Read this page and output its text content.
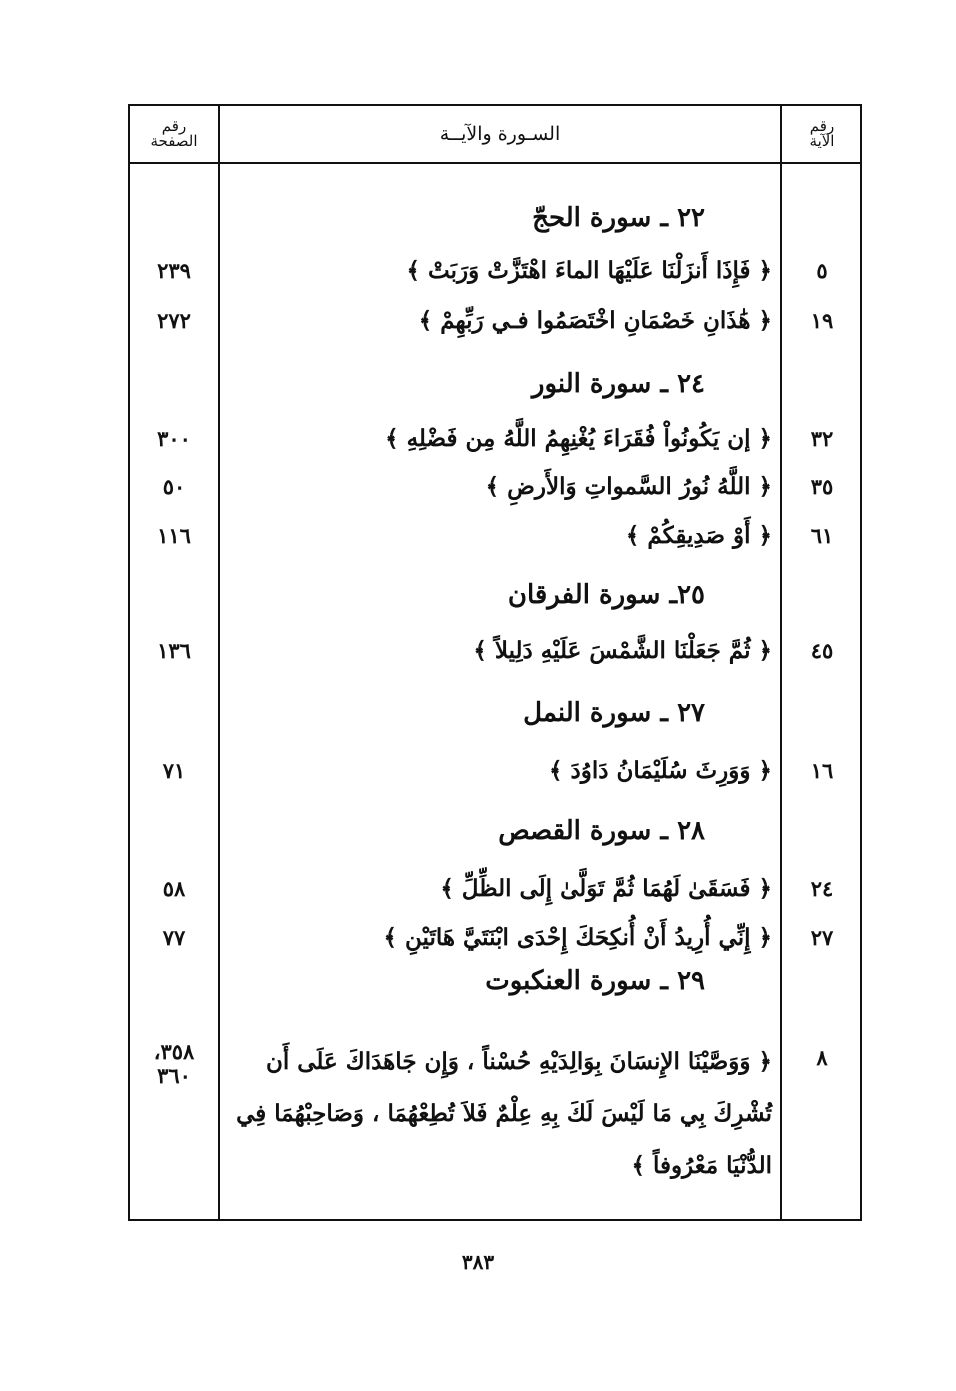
رقم
الآية
السـورة والآيــة
رقم
الصفحة
٢٢ ـ سورة الحجّ
٥
﴿ فَإِذَا أَنزَلْنَا عَلَيْهَا الماءَ اهْتَزَّتْ وَرَبَتْ ﴾
٢٣٩
١٩
﴿ هَٰذَانِ خَصْمَانِ اخْتَصَمُوا فـي رَبِّهِمْ ﴾
٢٧٢
٢٤ ـ سورة النور
٣٢
﴿ إن يَكُونُواْ فُقَرَاءَ يُغْنِهِمُ اللَّهُ مِن فَضْلِهِ ﴾
٣٠٠
٣٥
﴿ اللَّهُ نُورُ السَّمواتِ وَالأَرضِ ﴾
٥٠
٦١
﴿ أَوْ صَدِيقِكُمْ ﴾
١١٦
٢٥ـ سورة الفرقان
٤٥
﴿ ثُمَّ جَعَلْنَا الشَّمْسَ عَلَيْهِ دَلِيلاً ﴾
١٣٦
٢٧ ـ سورة النمل
١٦
﴿ وَوَرِثَ سُلَيْمَانُ دَاوُدَ ﴾
٧١
٢٨ ـ سورة القصص
٢٤
﴿ فَسَقَىٰ لَهُمَا ثُمَّ تَوَلَّىٰ إِلَى الظِّلِّ ﴾
٥٨
٢٧
﴿ إِنِّي أُرِيدُ أَنْ أُنكِحَكَ إِحْدَى ابْنَتَيَّ هَاتَيْنِ ﴾
٧٧
٢٩ ـ سورة العنكبوت
٨
﴿ وَوَصَّيْنَا الإِنسَانَ بِوَالِدَيْهِ حُسْناً ، وَإِن جَاهَدَاكَ عَلَى أَن تُشْرِكَ بِي مَا لَيْسَ لَكَ بِهِ عِلْمٌ فَلاَ تُطِعْهُمَا ، وَصَاحِبْهُمَا فِي الدُّنْيَا مَعْرُوفاً ﴾
٣٥٨،
٣٦٠
٣٨٣
